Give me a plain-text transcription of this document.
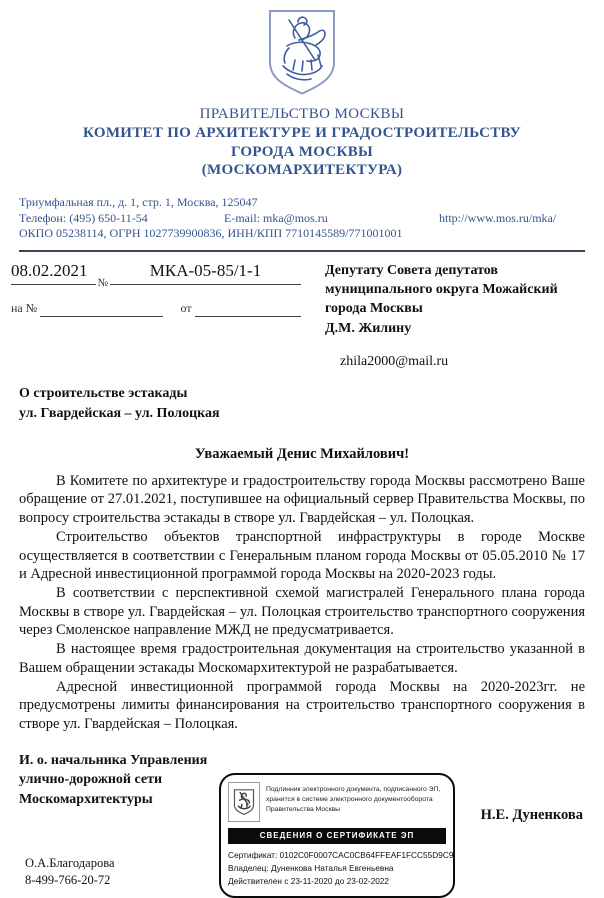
ПРАВИТЕЛЬСТВО МОСКВЫ
КОМИТЕТ ПО АРХИТЕКТУРЕ И ГРАДОСТРОИТЕЛЬСТВУ
ГОРОДА МОСКВЫ
(МОСКОМАРХИТЕКТУРА)
Триумфальная пл., д. 1, стр. 1, Москва, 125047
Телефон: (495) 650-11-54	E-mail: mka@mos.ru	http://www.mos.ru/mka/
ОКПО 05238114, ОГРН 1027739900836, ИНН/КПП 7710145589/771001001
08.02.2021
№
МКА-05-85/1-1
на №	от
Депутату Совета депутатов
муниципального округа Можайский
города Москвы
Д.М. Жилину
zhila2000@mail.ru
О строительстве эстакады
ул. Гвардейская – ул. Полоцкая
Уважаемый Денис Михайлович!

В Комитете по архитектуре и градостроительству города Москвы рассмотрено Ваше обращение от 27.01.2021, поступившее на официальный сервер Правительства Москвы, по вопросу строительства эстакады в створе ул. Гвардейская – ул. Полоцкая.

Строительство объектов транспортной инфраструктуры в городе Москве осуществляется в соответствии с Генеральным планом города Москвы от 05.05.2010 № 17 и Адресной инвестиционной программой города Москвы на 2020-2023 годы.

В соответствии с перспективной схемой магистралей Генерального плана города Москвы в створе ул. Гвардейская – ул. Полоцкая строительство транспортного сооружения через Смоленское направление МЖД не предусматривается.

В настоящее время градостроительная документация на строительство указанной в Вашем обращении эстакады Москомархитектурой не разрабатывается.

Адресной инвестиционной программой города Москвы на 2020-2023гг. не предусмотрены лимиты финансирования на строительство транспортного сооружения в створе ул. Гвардейская – Полоцкая.

И. о. начальника Управления
улично-дорожной сети
Москомархитектуры
О.А.Благодарова
8-499-766-20-72
Подлинник электронного документа, подписанного ЭП,
хранится в системе электронного документооборота
Правительства Москвы
СВЕДЕНИЯ О СЕРТИФИКАТЕ ЭП
Сертификат: 0102C0F0007CAC0CB64FFEAF1FCC55D9C9
Владелец: Дуненкова Наталья Евгеньевна
Действителен с 23-11-2020 до 23-02-2022
Н.Е. Дуненкова
